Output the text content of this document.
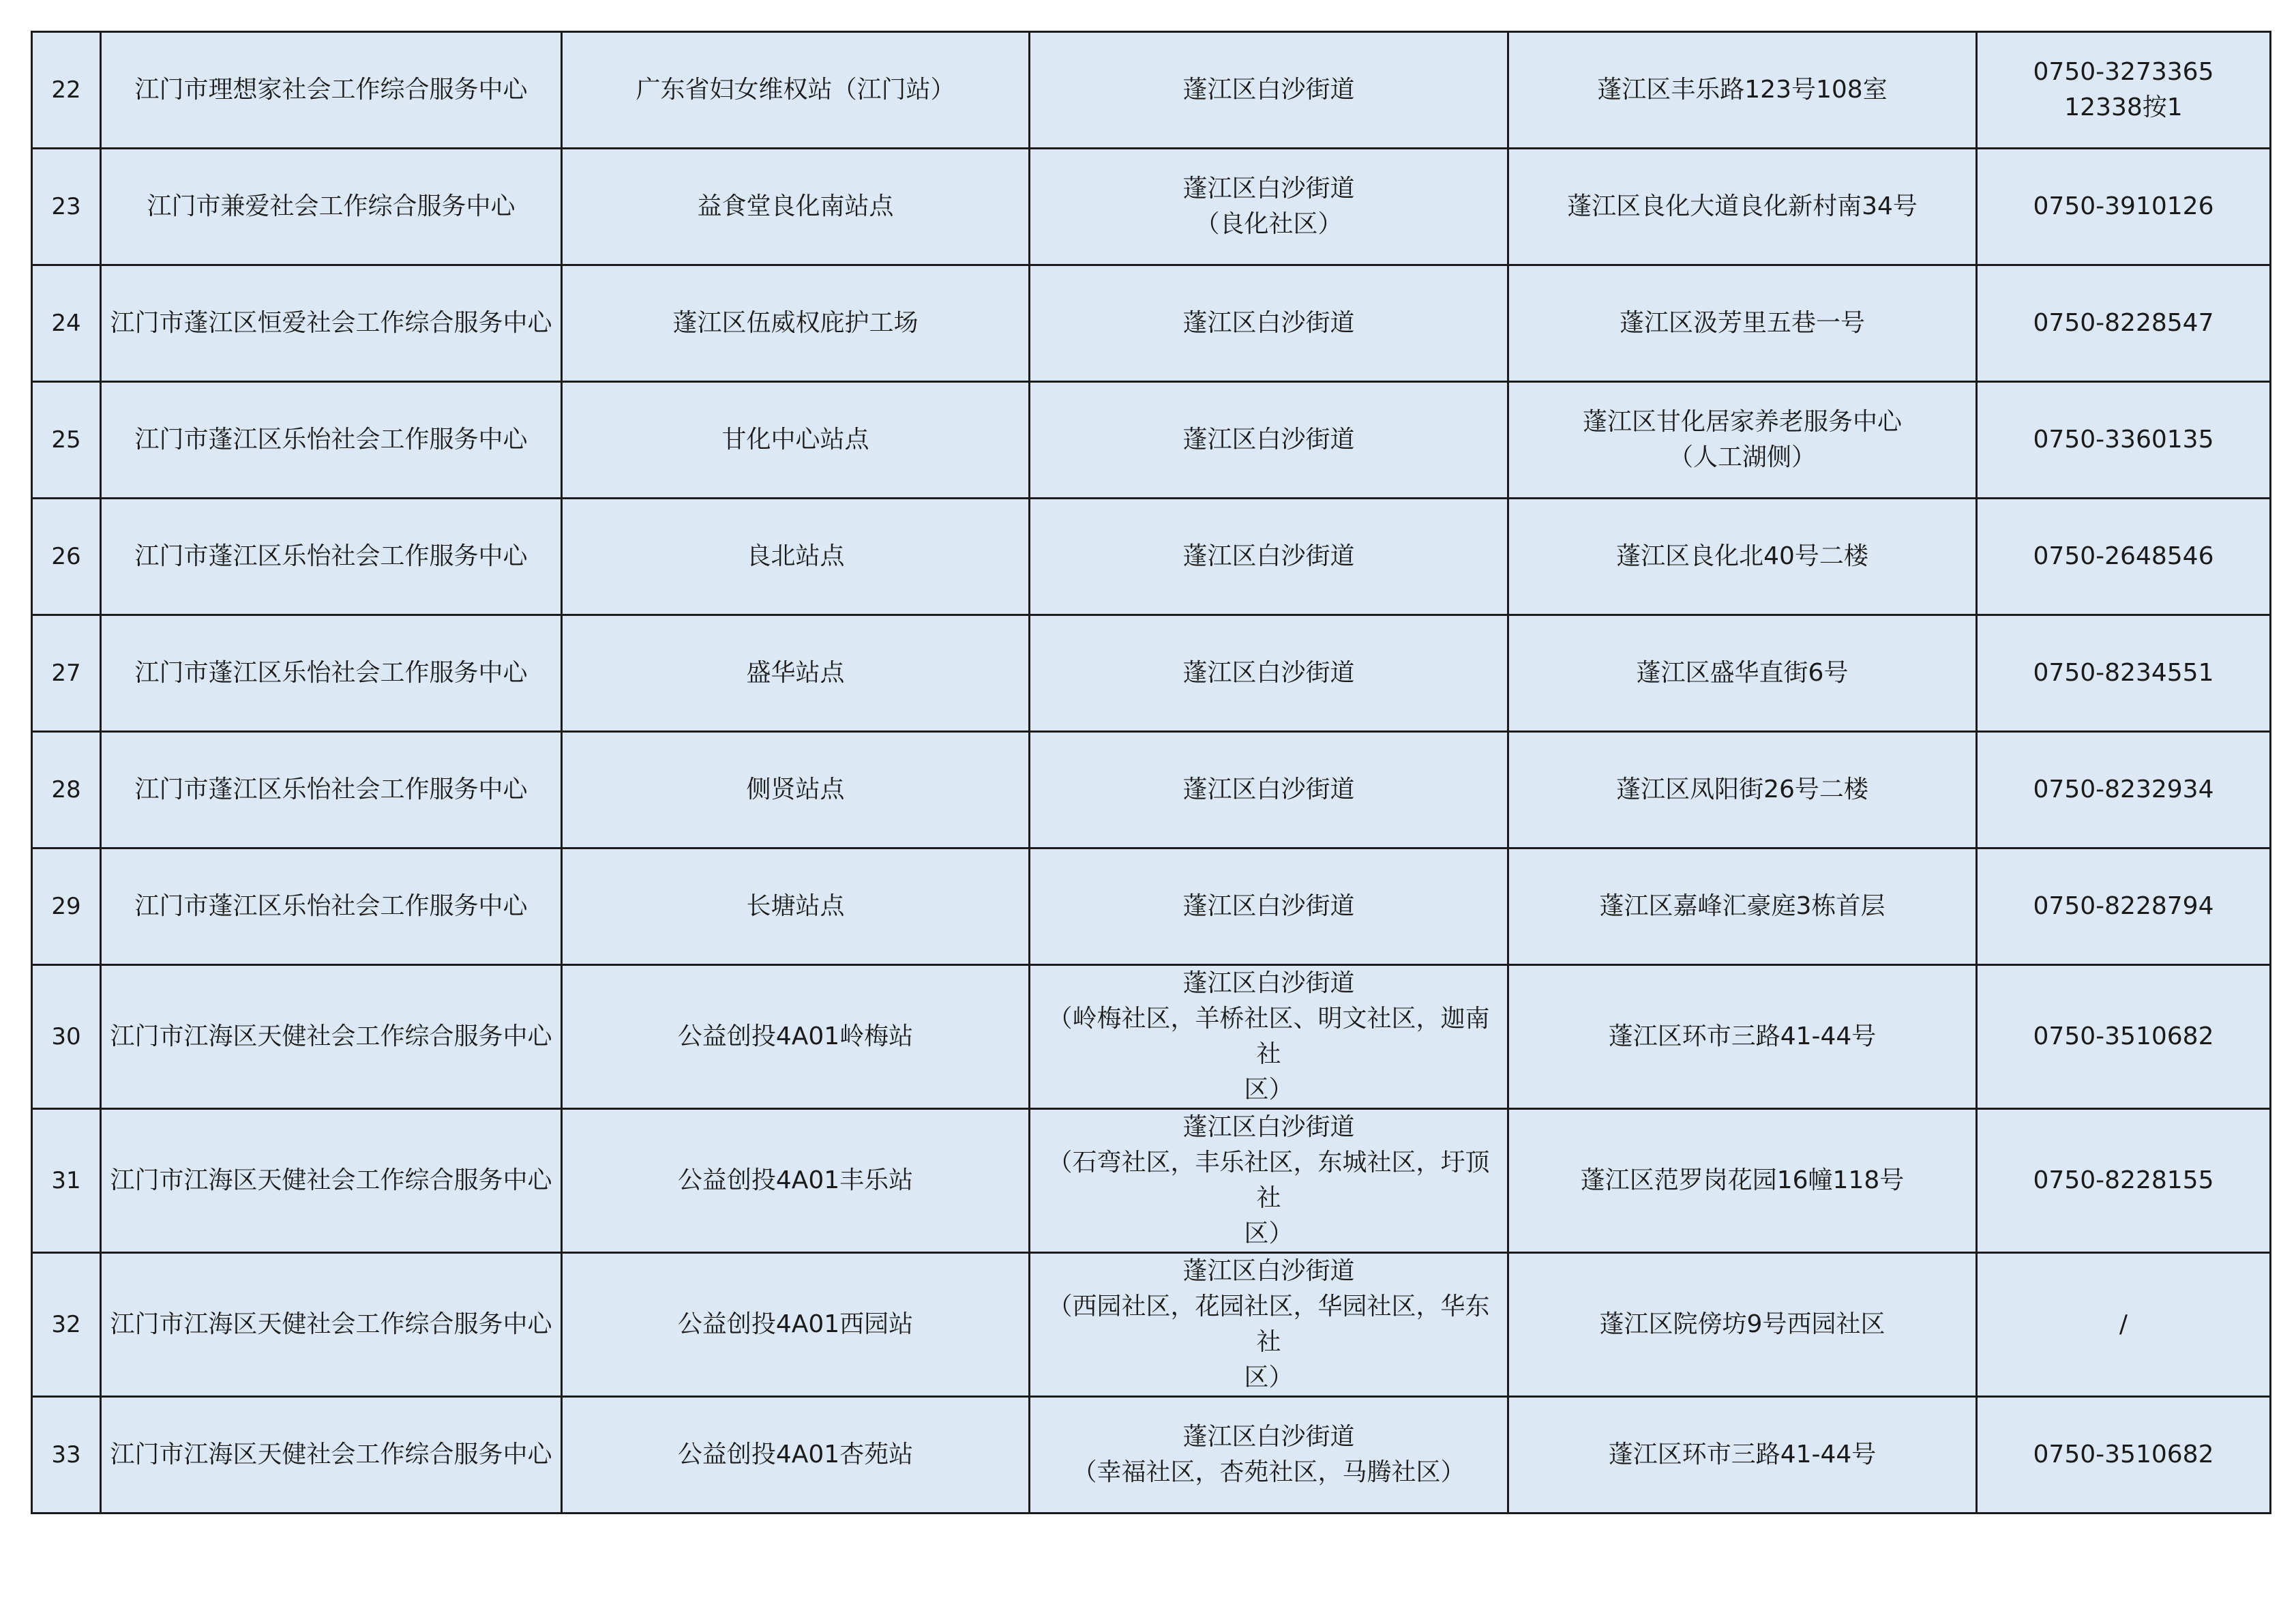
22	江门市理想家社会工作综合服务中心	广东省妇女维权站（江门站）	蓬江区白沙街道	蓬江区丰乐路123号108室	0750-3273365
12338按1

23	江门市兼爱社会工作综合服务中心	益食堂良化南站点	蓬江区白沙街道
（良化社区）	蓬江区良化大道良化新村南34号	0750-3910126

24	江门市蓬江区恒爱社会工作综合服务中心	蓬江区伍威权庇护工场	蓬江区白沙街道	蓬江区汲芳里五巷一号	0750-8228547

25	江门市蓬江区乐怡社会工作服务中心	甘化中心站点	蓬江区白沙街道	蓬江区甘化居家养老服务中心
（人工湖侧）	0750-3360135

26	江门市蓬江区乐怡社会工作服务中心	良北站点	蓬江区白沙街道	蓬江区良化北40号二楼	0750-2648546

27	江门市蓬江区乐怡社会工作服务中心	盛华站点	蓬江区白沙街道	蓬江区盛华直街6号	0750-8234551

28	江门市蓬江区乐怡社会工作服务中心	侧贤站点	蓬江区白沙街道	蓬江区凤阳街26号二楼	0750-8232934

29	江门市蓬江区乐怡社会工作服务中心	长塘站点	蓬江区白沙街道	蓬江区嘉峰汇豪庭3栋首层	0750-8228794

30	江门市江海区天健社会工作综合服务中心	公益创投4A01岭梅站	蓬江区白沙街道
（岭梅社区，羊桥社区、明文社区，迦南社
区）	蓬江区环市三路41-44号	0750-3510682

31	江门市江海区天健社会工作综合服务中心	公益创投4A01丰乐站	蓬江区白沙街道
（石弯社区，丰乐社区，东城社区，圩顶社
区）	蓬江区范罗岗花园16幢118号	0750-8228155

32	江门市江海区天健社会工作综合服务中心	公益创投4A01西园站	蓬江区白沙街道
（西园社区，花园社区，华园社区，华东社
区）	蓬江区院傍坊9号西园社区	/

33	江门市江海区天健社会工作综合服务中心	公益创投4A01杏苑站	蓬江区白沙街道
（幸福社区，杏苑社区，马腾社区）	蓬江区环市三路41-44号	0750-3510682
